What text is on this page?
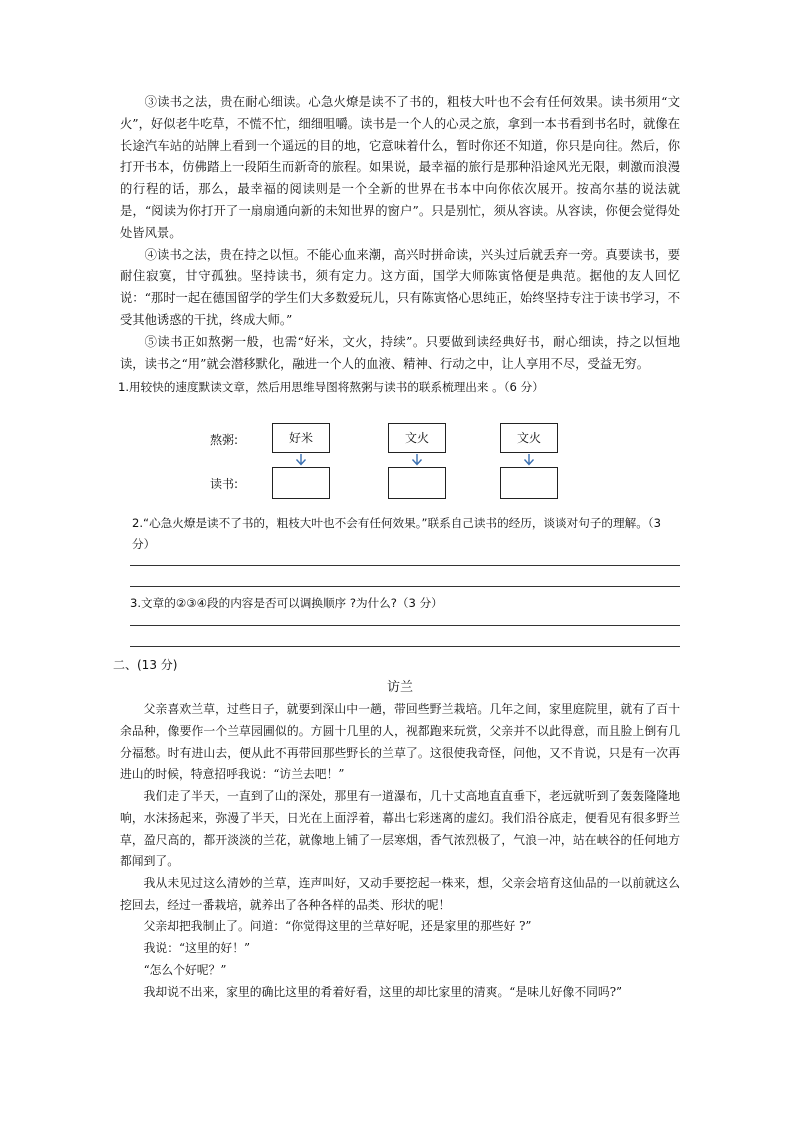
③读书之法，贵在耐心细读。心急火燎是读不了书的，粗枝大叶也不会有任何效果。读书须用“文火”，好似老牛吃草，不慌不忙，细细咀嚼。读书是一个人的心灵之旅，拿到一本书看到书名时，就像在长途汽车站的站牌上看到一个遥远的目的地，它意味着什么，暂时你还不知道，你只是向往。然后，你打开书本，仿佛踏上一段陌生而新奇的旅程。如果说，最幸福的旅行是那种沿途风光无限，刺激而浪漫的行程的话，那么，最幸福的阅读则是一个全新的世界在书本中向你依次展开。按高尔基的说法就是，“阅读为你打开了一扇扇通向新的未知世界的窗户”。只是别忙，须从容读。从容读，你便会觉得处处皆风景。

④读书之法，贵在持之以恒。不能心血来潮，高兴时拼命读，兴头过后就丢弃一旁。真要读书，要耐住寂寞，甘守孤独。坚持读书，须有定力。这方面，国学大师陈寅恪便是典范。据他的友人回忆说：“那时一起在德国留学的学生们大多数爱玩儿，只有陈寅恪心思纯正，始终坚持专注于读书学习，不受其他诱惑的干扰，终成大师。”

⑤读书正如熬粥一般，也需“好米，文火，持续”。只要做到读经典好书，耐心细读，持之以恒地读，读书之“用”就会潜移默化，融进一个人的血液、精神、行动之中，让人享用不尽，受益无穷。

1.用较快的速度默读文章，然后用思维导图将熬粥与读书的联系梳理出来 。（6 分）

熬粥:
读书:
好米	文火	文火

2.“心急火燎是读不了书的，粗枝大叶也不会有任何效果。”联系自己读书的经历，谈谈对句子的理解。（3 分）

3.文章的②③④段的内容是否可以调换顺序 ?为什么?（3 分）

二、(13 分)

访兰

父亲喜欢兰草，过些日子，就要到深山中一趟，带回些野兰栽培。几年之间，家里庭院里，就有了百十余品种，像要作一个兰草园圃似的。方圆十几里的人，视都跑来玩赏，父亲并不以此得意，而且脸上倒有几分福愁。时有进山去，便从此不再带回那些野长的兰草了。这很使我奇怪，问他，又不肯说，只是有一次再进山的时候，特意招呼我说：“访兰去吧！”

我们走了半天，一直到了山的深处，那里有一道瀑布，几十丈高地直直垂下，老远就听到了轰轰隆隆地响，水沫扬起来，弥漫了半天，日光在上面浮着，幕出七彩迷离的虚幻。我们沿谷底走，便看见有很多野兰草，盈尺高的，都开淡淡的兰花，就像地上铺了一层寒烟，香气浓烈极了，气浪一冲，站在峡谷的任何地方都闻到了。

我从未见过这么清妙的兰草，连声叫好，又动手要挖起一株来，想，父亲会培育这仙品的一以前就这么挖回去，经过一番栽培，就养出了各种各样的品类、形状的呢！

父亲却把我制止了。问道：“你觉得这里的兰草好呢，还是家里的那些好 ?”

我说：“这里的好！”

“怎么个好呢？”

我却说不出来，家里的确比这里的肴着好看，这里的却比家里的清爽。“是味儿好像不同吗?”
